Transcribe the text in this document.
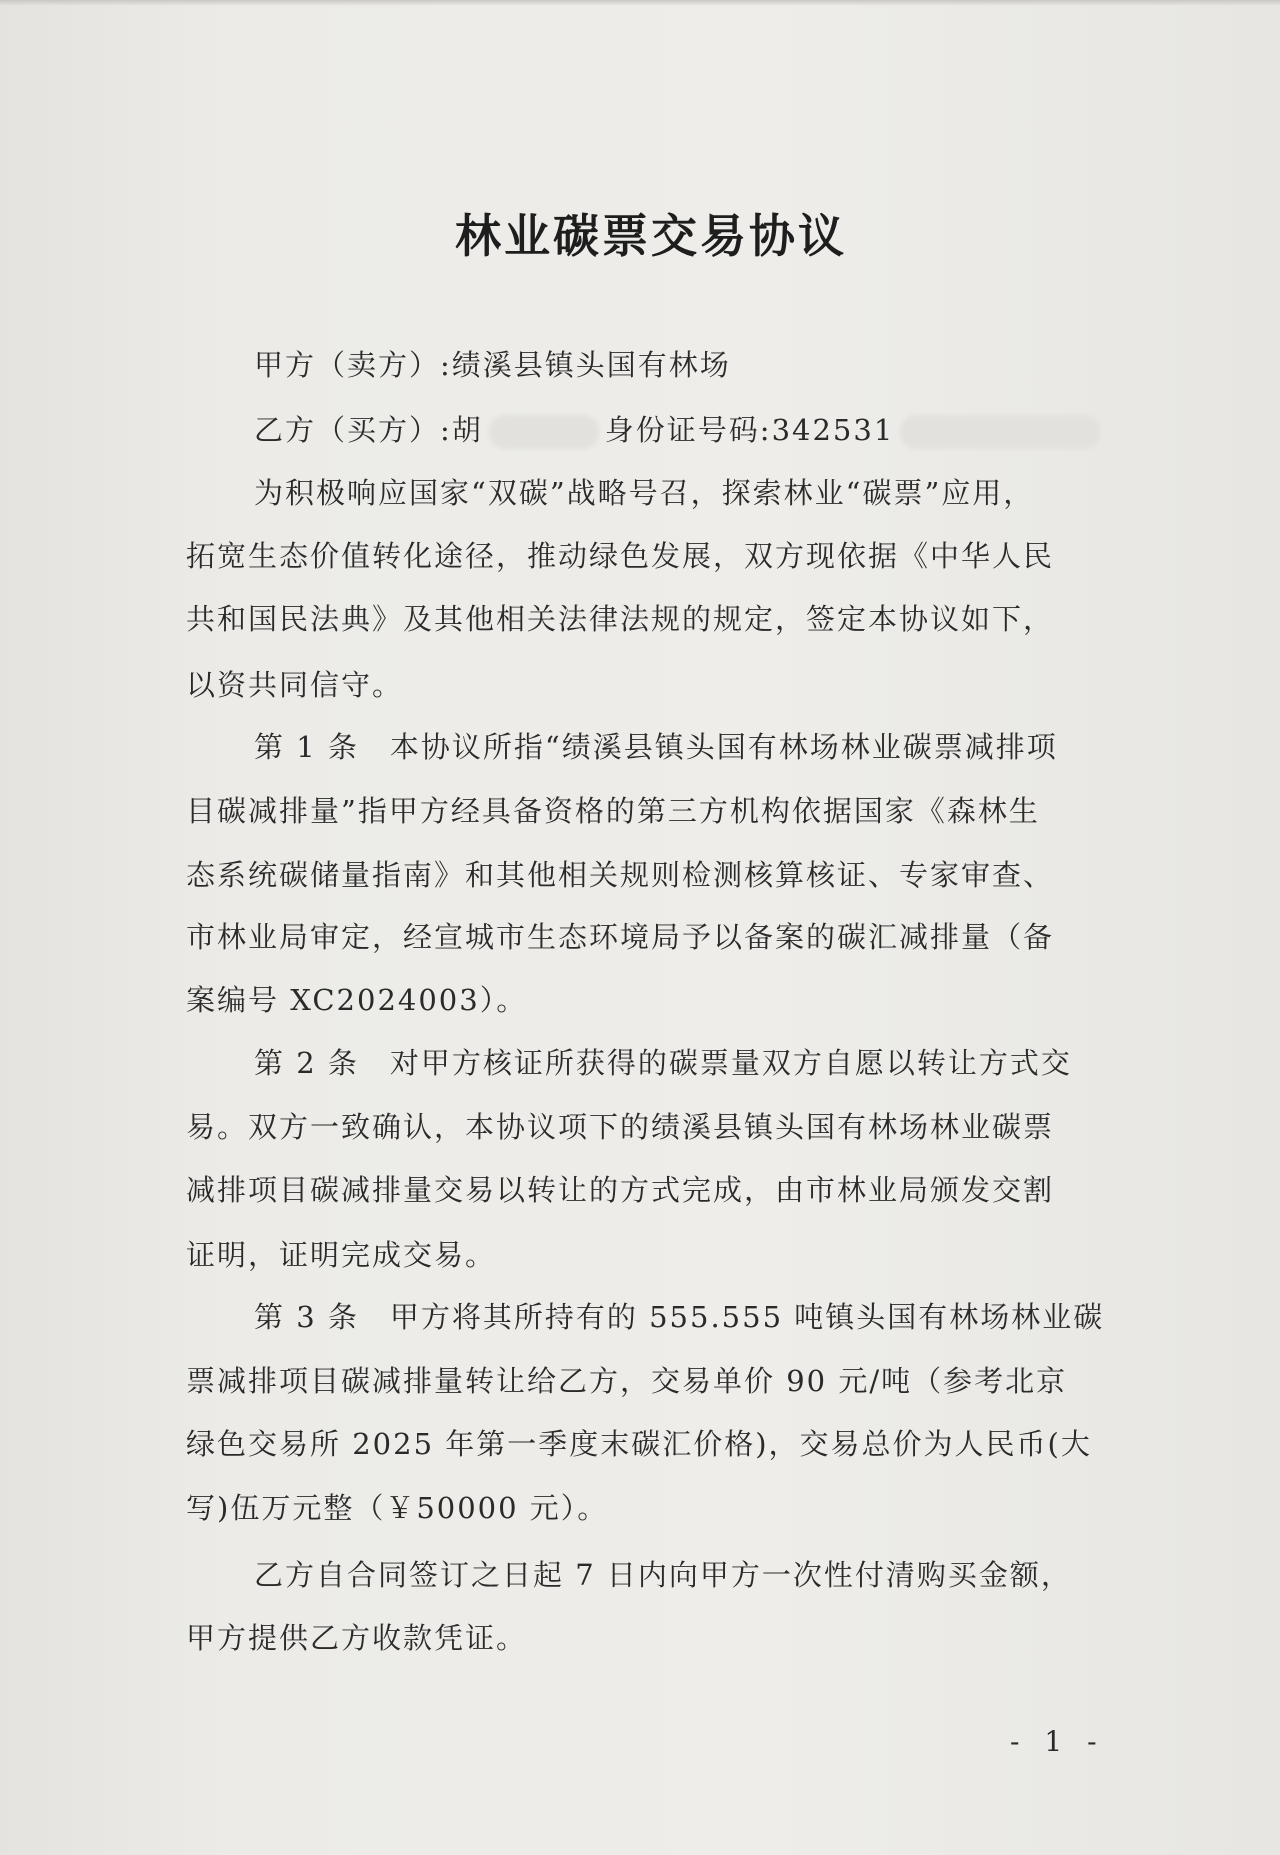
林业碳票交易协议
甲方（卖方）:绩溪县镇头国有林场
乙方（买方）:胡	身份证号码:342531
为积极响应国家“双碳”战略号召，探索林业“碳票”应用，
拓宽生态价值转化途径，推动绿色发展，双方现依据《中华人民
共和国民法典》及其他相关法律法规的规定，签定本协议如下，
以资共同信守。
第 1 条　本协议所指“绩溪县镇头国有林场林业碳票减排项
目碳减排量”指甲方经具备资格的第三方机构依据国家《森林生
态系统碳储量指南》和其他相关规则检测核算核证、专家审查、
市林业局审定，经宣城市生态环境局予以备案的碳汇减排量（备
案编号 XC2024003）。
第 2 条　对甲方核证所获得的碳票量双方自愿以转让方式交
易。双方一致确认，本协议项下的绩溪县镇头国有林场林业碳票
减排项目碳减排量交易以转让的方式完成，由市林业局颁发交割
证明，证明完成交易。
第 3 条　甲方将其所持有的 555.555 吨镇头国有林场林业碳
票减排项目碳减排量转让给乙方，交易单价 90 元/吨（参考北京
绿色交易所 2025 年第一季度末碳汇价格)，交易总价为人民币(大
写)伍万元整（￥50000 元）。
乙方自合同签订之日起 7 日内向甲方一次性付清购买金额，
甲方提供乙方收款凭证。
- 1 -
